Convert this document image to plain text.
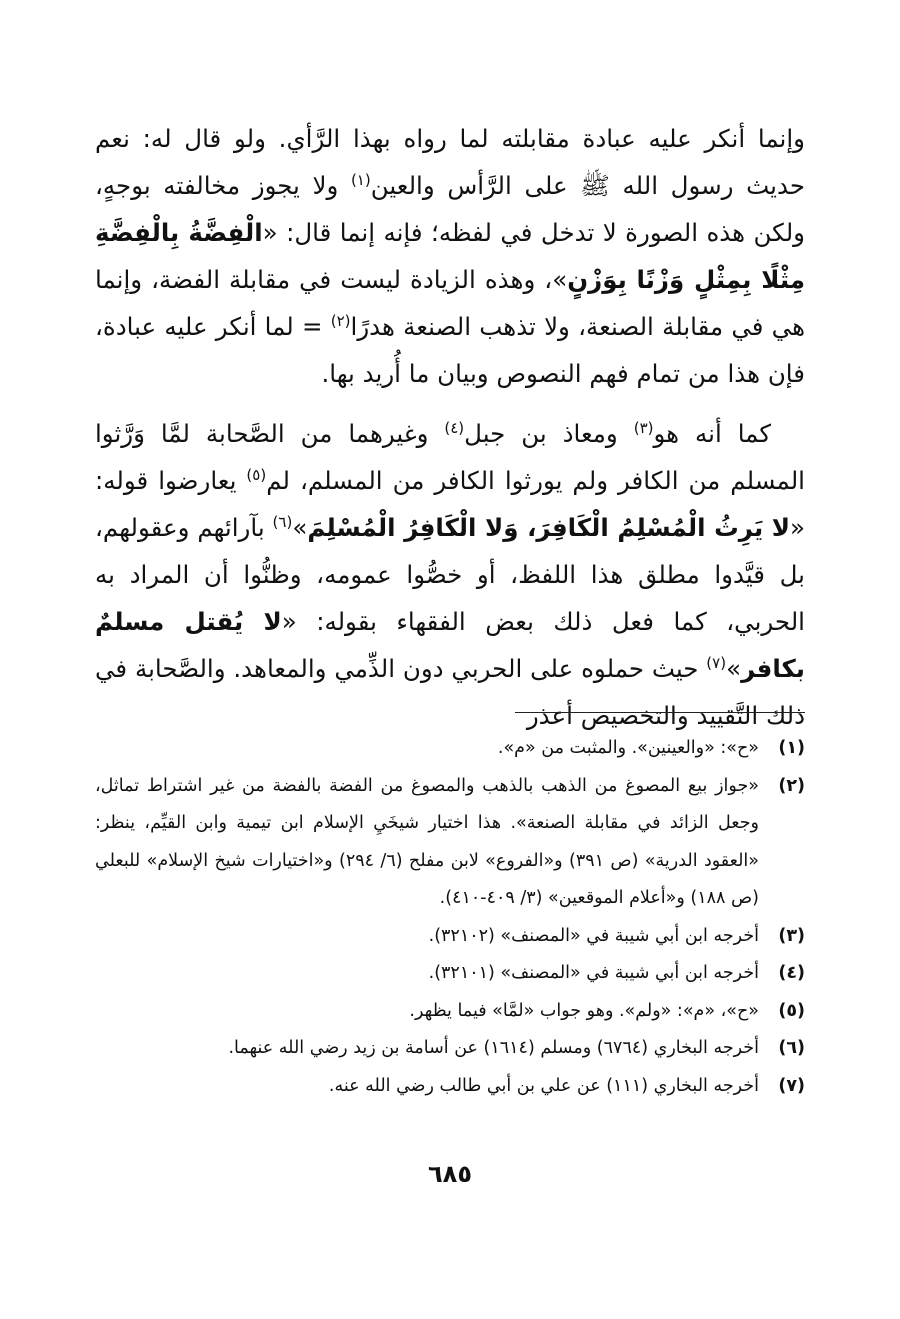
وإنما أنكر عليه عبادة مقابلته لما رواه بهذا الرَّأي. ولو قال له: نعم حديث رسول الله ﷺ على الرَّأس والعين$^{(١)}$ ولا يجوز مخالفته بوجهٍ، ولكن هذه الصورة لا تدخل في لفظه؛ فإنه إنما قال: «الْفِضَّةُ بِالْفِضَّةِ مِثْلًا بِمِثْلٍ وَزْنًا بِوَزْنٍ»، وهذه الزيادة ليست في مقابلة الفضة، وإنما هي في مقابلة الصنعة، ولا تذهب الصنعة هدرًا$^{(٢)}$ = لما أنكر عليه عبادة، فإن هذا من تمام فهم النصوص وبيان ما أُريد بها.

كما أنه هو$^{(٣)}$ ومعاذ بن جبل$^{(٤)}$ وغيرهما من الصَّحابة لمَّا وَرَّثوا المسلم من الكافر ولم يورثوا الكافر من المسلم، لم$^{(٥)}$ يعارضوا قوله: «لا يَرِثُ الْمُسْلِمُ الْكَافِرَ، وَلا الْكَافِرُ الْمُسْلِمَ»$^{(٦)}$ بآرائهم وعقولهم، بل قيَّدوا مطلق هذا اللفظ، أو خصُّوا عمومه، وظنُّوا أن المراد به الحربي، كما فعل ذلك بعض الفقهاء بقوله: «لا يُقتل مسلمٌ بكافر»$^{(٧)}$ حيث حملوه على الحربي دون الذِّمي والمعاهد. والصَّحابة في ذلك التَّقييد والتخصيص أعذر

(١)
«ح»: «والعينين». والمثبت من «م».
(٢)
«جواز بيع المصوغ من الذهب بالذهب والمصوغ من الفضة بالفضة من غير اشتراط تماثل، وجعل الزائد في مقابلة الصنعة». هذا اختيار شيخَيِ الإسلام ابن تيمية وابن القيِّم، ينظر: «العقود الدرية» (ص ٣٩١) و«الفروع» لابن مفلح (٦/ ٢٩٤) و«اختيارات شيخ الإسلام» للبعلي (ص ١٨٨) و«أعلام الموقعين» (٣/ ٤٠٩-٤١٠).
(٣)
أخرجه ابن أبي شيبة في «المصنف» (٣٢١٠٢).
(٤)
أخرجه ابن أبي شيبة في «المصنف» (٣٢١٠١).
(٥)
«ح»، «م»: «ولم». وهو جواب «لمَّا» فيما يظهر.
(٦)
أخرجه البخاري (٦٧٦٤) ومسلم (١٦١٤) عن أسامة بن زيد رضي الله عنهما.
(٧)
أخرجه البخاري (١١١) عن علي بن أبي طالب رضي الله عنه.
٦٨٥
